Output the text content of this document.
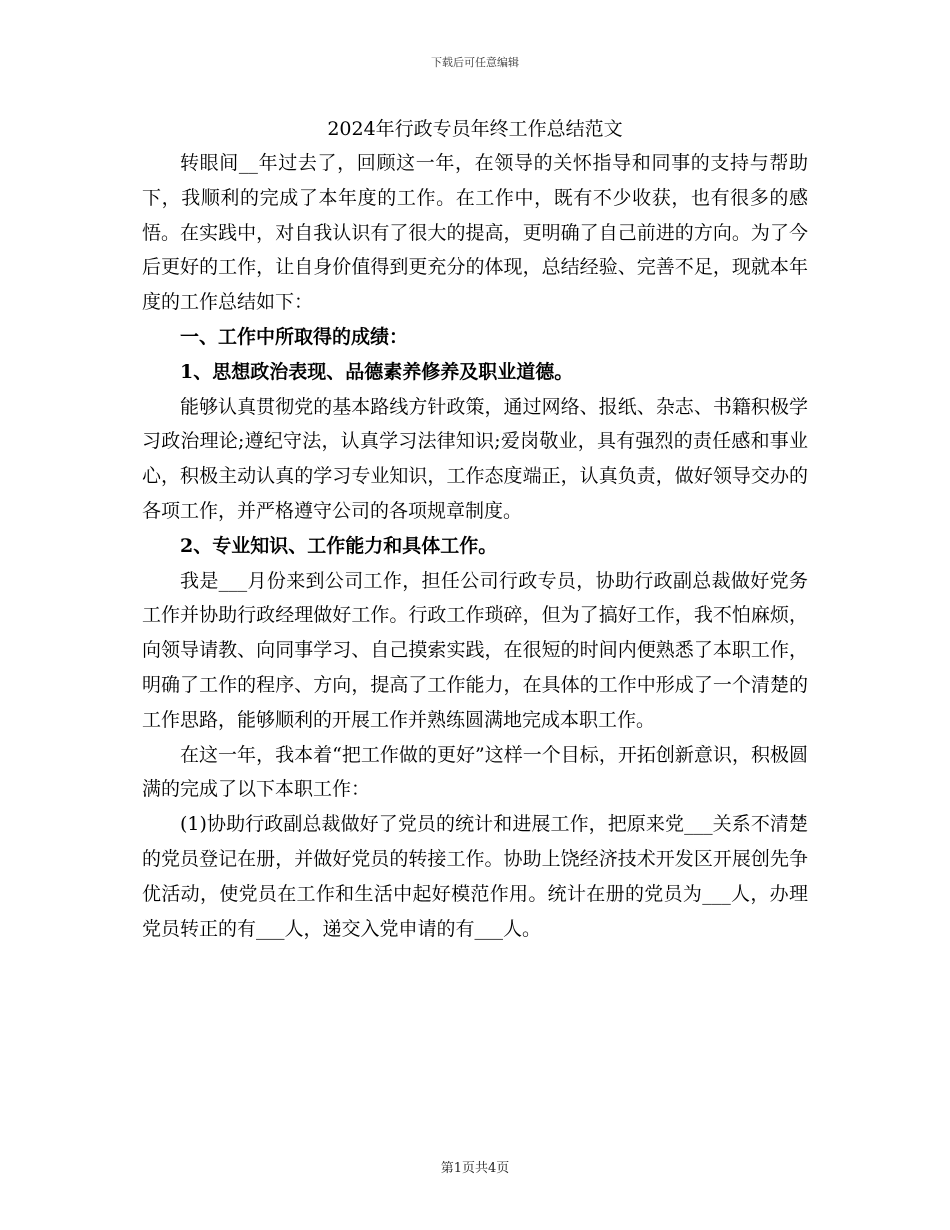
下载后可任意编辑
2024年行政专员年终工作总结范文

转眼间__年过去了，回顾这一年，在领导的关怀指导和同事的支持与帮助下，我顺利的完成了本年度的工作。在工作中，既有不少收获，也有很多的感悟。在实践中，对自我认识有了很大的提高，更明确了自己前进的方向。为了今后更好的工作，让自身价值得到更充分的体现，总结经验、完善不足，现就本年度的工作总结如下：

一、工作中所取得的成绩：

1、思想政治表现、品德素养修养及职业道德。

能够认真贯彻党的基本路线方针政策，通过网络、报纸、杂志、书籍积极学习政治理论;遵纪守法，认真学习法律知识;爱岗敬业，具有强烈的责任感和事业心，积极主动认真的学习专业知识，工作态度端正，认真负责，做好领导交办的各项工作，并严格遵守公司的各项规章制度。

2、专业知识、工作能力和具体工作。

我是___月份来到公司工作，担任公司行政专员，协助行政副总裁做好党务工作并协助行政经理做好工作。行政工作琐碎，但为了搞好工作，我不怕麻烦，向领导请教、向同事学习、自己摸索实践，在很短的时间内便熟悉了本职工作，明确了工作的程序、方向，提高了工作能力，在具体的工作中形成了一个清楚的工作思路，能够顺利的开展工作并熟练圆满地完成本职工作。

在这一年，我本着“把工作做的更好”这样一个目标，开拓创新意识，积极圆满的完成了以下本职工作：

(1)协助行政副总裁做好了党员的统计和进展工作，把原来党___关系不清楚的党员登记在册，并做好党员的转接工作。协助上饶经济技术开发区开展创先争优活动，使党员在工作和生活中起好模范作用。统计在册的党员为___人，办理党员转正的有___人，递交入党申请的有___人。

第1页共4页
